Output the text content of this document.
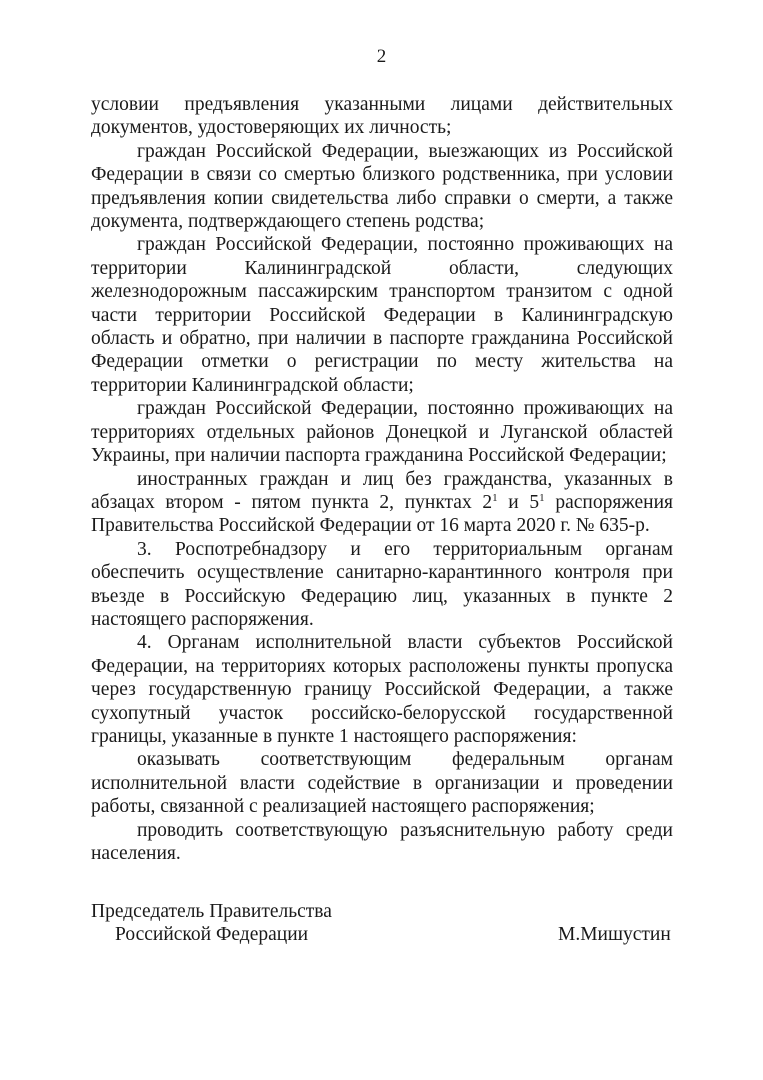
2

условии предъявления указанными лицами действительных документов, удостоверяющих их личность;

граждан Российской Федерации, выезжающих из Российской Федерации в связи со смертью близкого родственника, при условии предъявления копии свидетельства либо справки о смерти, а также документа, подтверждающего степень родства;

граждан Российской Федерации, постоянно проживающих на территории Калининградской области, следующих железнодорожным пассажирским транспортом транзитом с одной части территории Российской Федерации в Калининградскую область и обратно, при наличии в паспорте гражданина Российской Федерации отметки о регистрации по месту жительства на территории Калининградской области;

граждан Российской Федерации, постоянно проживающих на территориях отдельных районов Донецкой и Луганской областей Украины, при наличии паспорта гражданина Российской Федерации;

иностранных граждан и лиц без гражданства, указанных в абзацах втором - пятом пункта 2, пунктах $2^1$ и $5^1$ распоряжения Правительства Российской Федерации от 16 марта 2020 г. № 635-р.

3. Роспотребнадзору и его территориальным органам обеспечить осуществление санитарно-карантинного контроля при въезде в Российскую Федерацию лиц, указанных в пункте 2 настоящего распоряжения.

4. Органам исполнительной власти субъектов Российской Федерации, на территориях которых расположены пункты пропуска через государственную границу Российской Федерации, а также сухопутный участок российско-белорусской государственной границы, указанные в пункте 1 настоящего распоряжения:

оказывать соответствующим федеральным органам исполнительной власти содействие в организации и проведении работы, связанной с реализацией настоящего распоряжения;

проводить соответствующую разъяснительную работу среди населения.

Председатель Правительства
Российской Федерации	М.Мишустин
